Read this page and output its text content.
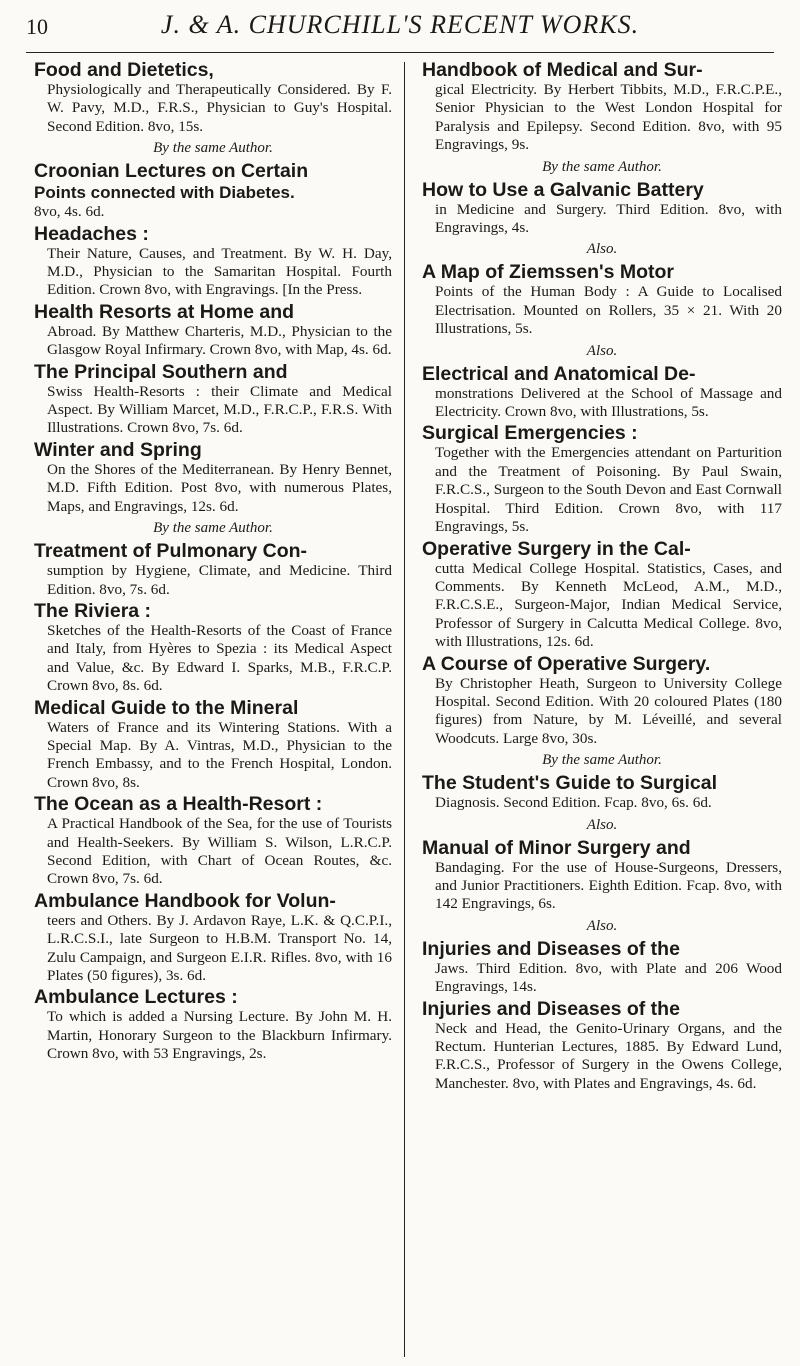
10	J. & A. CHURCHILL'S RECENT WORKS.
Food and Dietetics,
Physiologically and Therapeutically Considered. By F. W. Pavy, M.D., F.R.S., Physician to Guy's Hospital. Second Edition. 8vo, 15s.
By the same Author.
Croonian Lectures on Certain
Points connected with Diabetes.
8vo, 4s. 6d.
Headaches :
Their Nature, Causes, and Treatment. By W. H. Day, M.D., Physician to the Samaritan Hospital. Fourth Edition. Crown 8vo, with Engravings. [In the Press.
Health Resorts at Home and
Abroad. By Matthew Charteris, M.D., Physician to the Glasgow Royal Infirmary. Crown 8vo, with Map, 4s. 6d.
The Principal Southern and
Swiss Health-Resorts : their Climate and Medical Aspect. By William Marcet, M.D., F.R.C.P., F.R.S. With Illustrations. Crown 8vo, 7s. 6d.
Winter and Spring
On the Shores of the Mediterranean. By Henry Bennet, M.D. Fifth Edition. Post 8vo, with numerous Plates, Maps, and Engravings, 12s. 6d.
By the same Author.
Treatment of Pulmonary Con-
sumption by Hygiene, Climate, and Medicine. Third Edition. 8vo, 7s. 6d.
The Riviera :
Sketches of the Health-Resorts of the Coast of France and Italy, from Hyères to Spezia : its Medical Aspect and Value, &c. By Edward I. Sparks, M.B., F.R.C.P. Crown 8vo, 8s. 6d.
Medical Guide to the Mineral
Waters of France and its Wintering Stations. With a Special Map. By A. Vintras, M.D., Physician to the French Embassy, and to the French Hospital, London. Crown 8vo, 8s.
The Ocean as a Health-Resort :
A Practical Handbook of the Sea, for the use of Tourists and Health-Seekers. By William S. Wilson, L.R.C.P. Second Edition, with Chart of Ocean Routes, &c. Crown 8vo, 7s. 6d.
Ambulance Handbook for Volun-
teers and Others. By J. Ardavon Raye, L.K. & Q.C.P.I., L.R.C.S.I., late Surgeon to H.B.M. Transport No. 14, Zulu Campaign, and Surgeon E.I.R. Rifles. 8vo, with 16 Plates (50 figures), 3s. 6d.
Ambulance Lectures :
To which is added a Nursing Lecture. By John M. H. Martin, Honorary Surgeon to the Blackburn Infirmary. Crown 8vo, with 53 Engravings, 2s.
Handbook of Medical and Sur-
gical Electricity. By Herbert Tibbits, M.D., F.R.C.P.E., Senior Physician to the West London Hospital for Paralysis and Epilepsy. Second Edition. 8vo, with 95 Engravings, 9s.
By the same Author.
How to Use a Galvanic Battery
in Medicine and Surgery. Third Edition. 8vo, with Engravings, 4s.
Also.
A Map of Ziemssen's Motor
Points of the Human Body : A Guide to Localised Electrisation. Mounted on Rollers, 35 × 21. With 20 Illustrations, 5s.
Also.
Electrical and Anatomical De-
monstrations Delivered at the School of Massage and Electricity. Crown 8vo, with Illustrations, 5s.
Surgical Emergencies :
Together with the Emergencies attendant on Parturition and the Treatment of Poisoning. By Paul Swain, F.R.C.S., Surgeon to the South Devon and East Cornwall Hospital. Third Edition. Crown 8vo, with 117 Engravings, 5s.
Operative Surgery in the Cal-
cutta Medical College Hospital. Statistics, Cases, and Comments. By Kenneth McLeod, A.M., M.D., F.R.C.S.E., Surgeon-Major, Indian Medical Service, Professor of Surgery in Calcutta Medical College. 8vo, with Illustrations, 12s. 6d.
A Course of Operative Surgery.
By Christopher Heath, Surgeon to University College Hospital. Second Edition. With 20 coloured Plates (180 figures) from Nature, by M. Léveillé, and several Woodcuts. Large 8vo, 30s.
By the same Author.
The Student's Guide to Surgical
Diagnosis. Second Edition. Fcap. 8vo, 6s. 6d.
Also.
Manual of Minor Surgery and
Bandaging. For the use of House-Surgeons, Dressers, and Junior Practitioners. Eighth Edition. Fcap. 8vo, with 142 Engravings, 6s.
Also.
Injuries and Diseases of the
Jaws. Third Edition. 8vo, with Plate and 206 Wood Engravings, 14s.
Injuries and Diseases of the
Neck and Head, the Genito-Urinary Organs, and the Rectum. Hunterian Lectures, 1885. By Edward Lund, F.R.C.S., Professor of Surgery in the Owens College, Manchester. 8vo, with Plates and Engravings, 4s. 6d.
